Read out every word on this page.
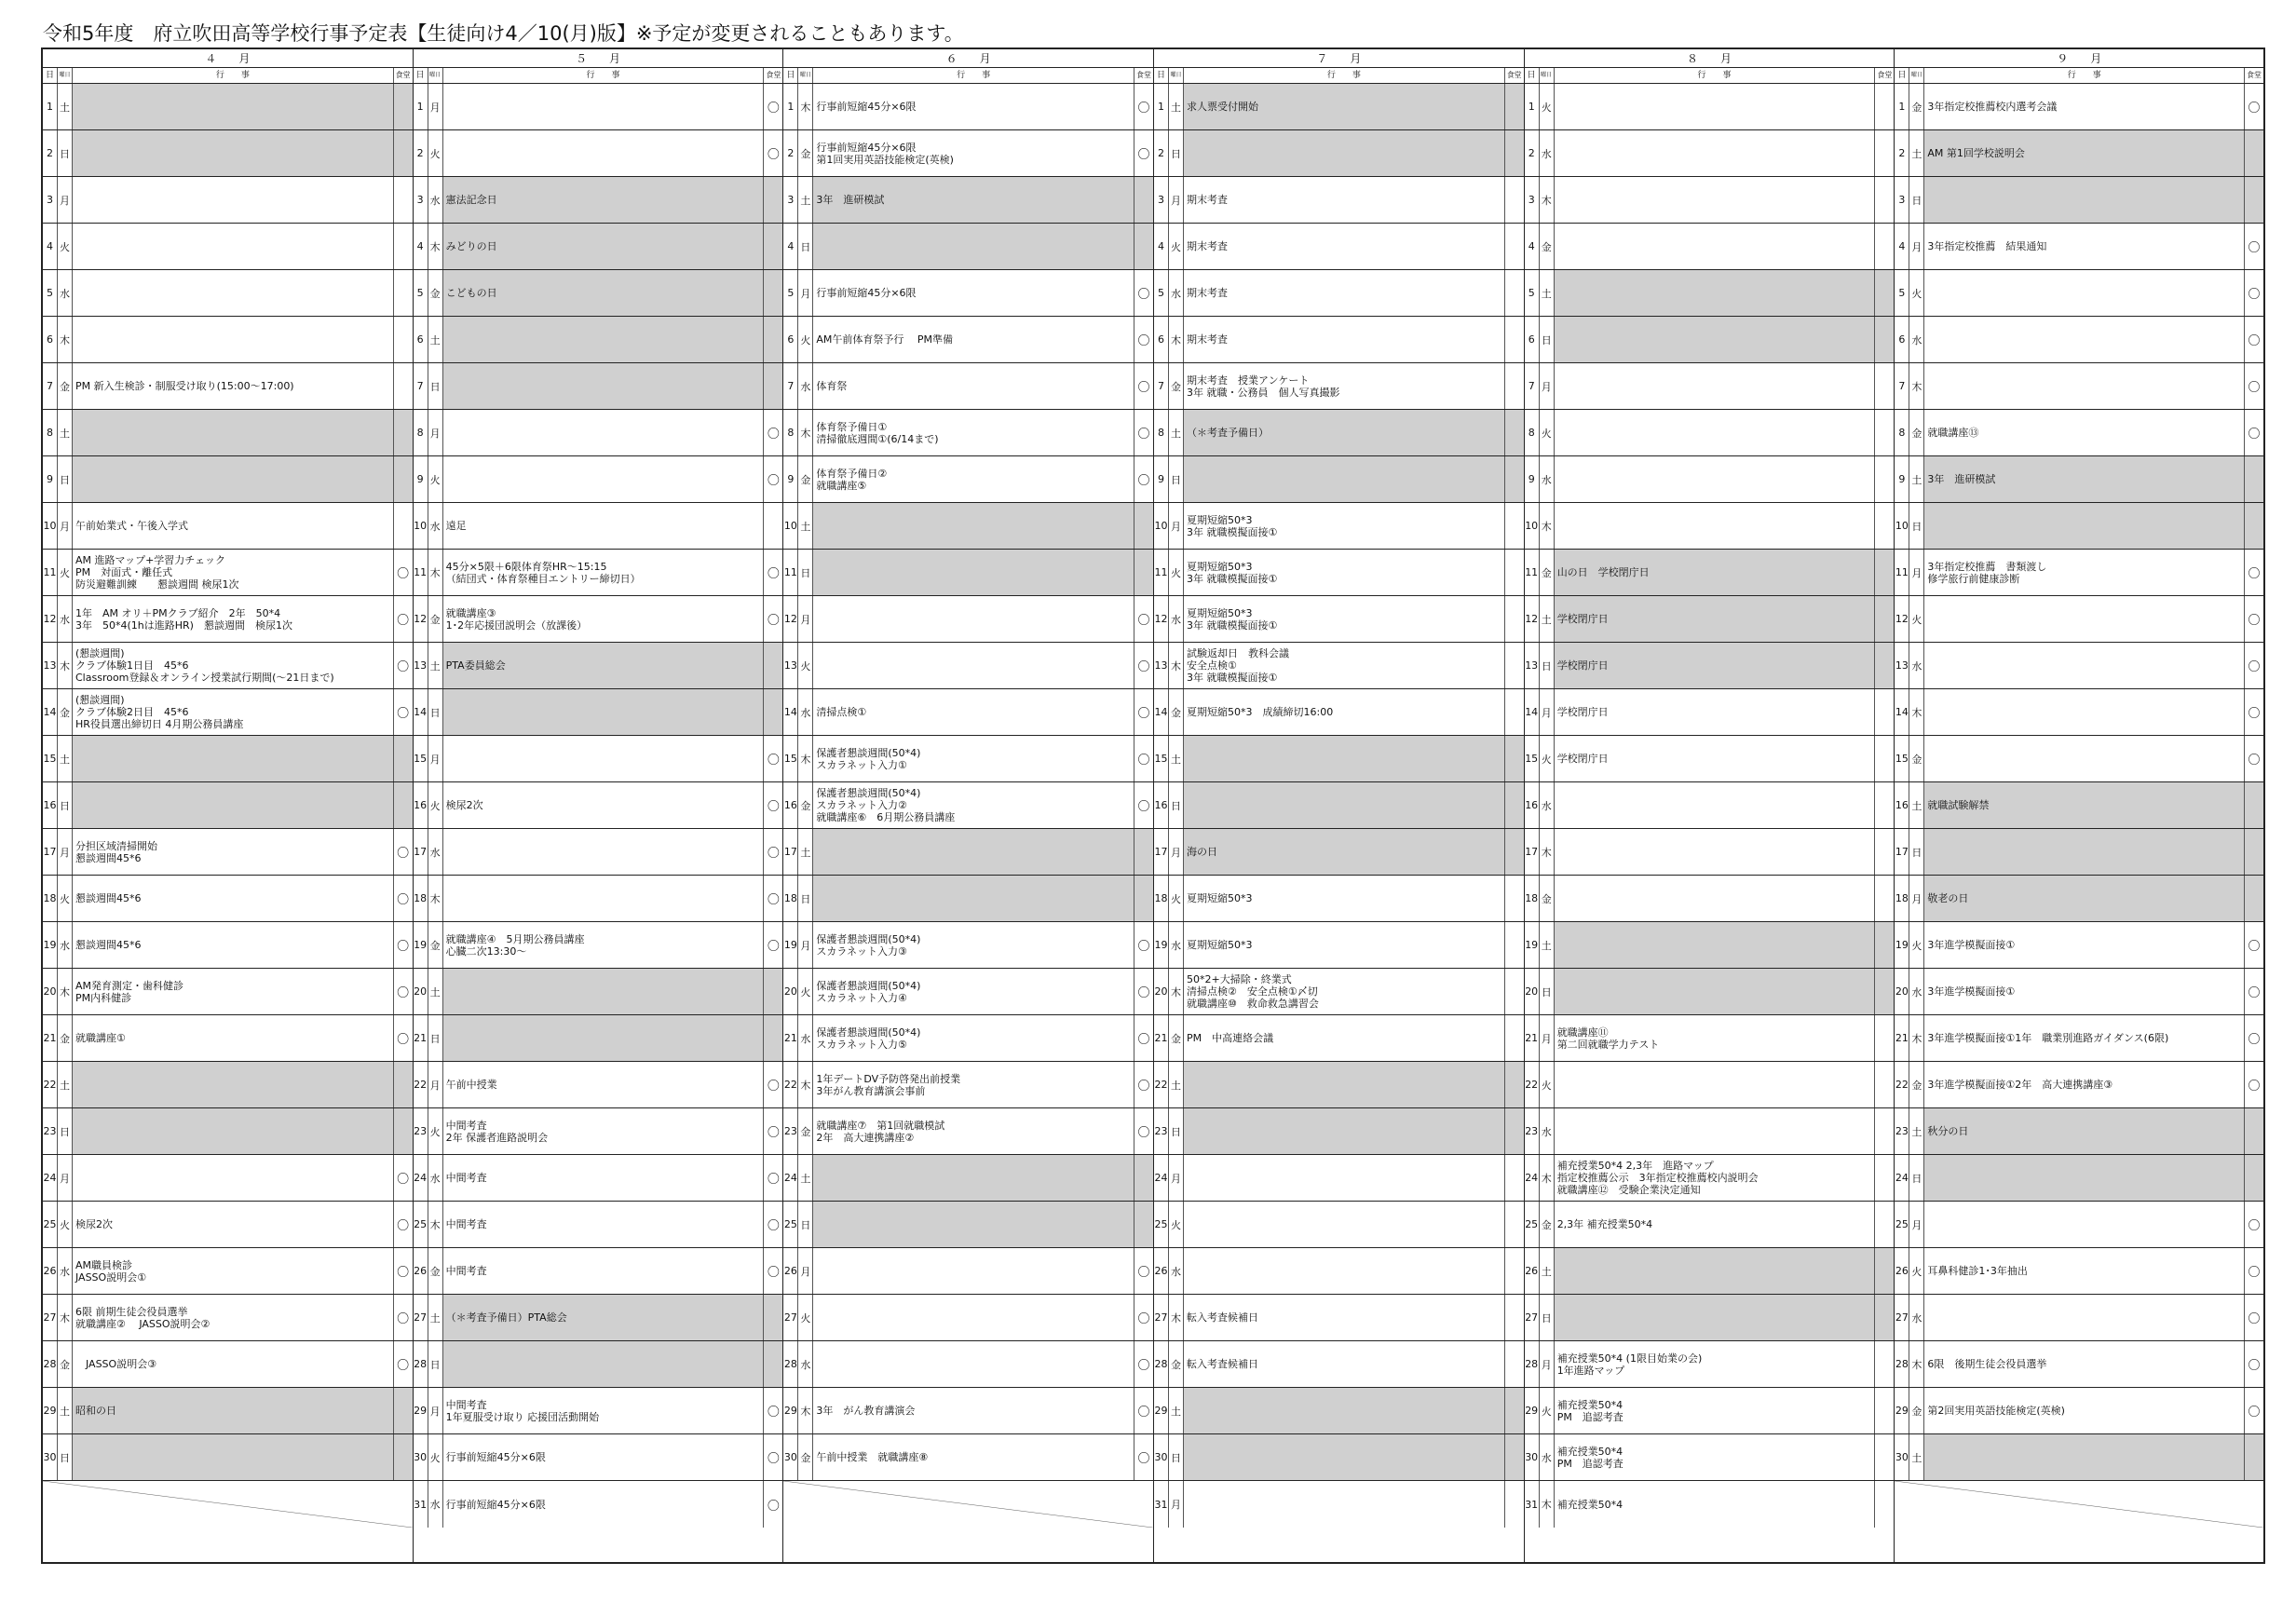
令和5年度　府立吹田高等学校行事予定表【生徒向け4／10(月)版】※予定が変更されることもあります。
４　　月
日 曜日	行　　事	食堂
1 土
2 日
3 月
4 火
5 水
6 木
7 金 PM 新入生検診・制服受け取り(15:00～17:00)
8 土
9 日
10 月 午前始業式・午後入学式
11 火
AM 進路マップ+学習力チェック
PM　対面式・離任式
防災避難訓練　　懇談週間 検尿1次
〇
12 水
1年　AM オリ＋PMクラブ紹介　2年　50*4
3年　50*4(1hは進路HR)　懇談週間　検尿1次	〇
13 木
(懇談週間)
クラブ体験1日目　45*6
Classroom登録＆オンライン授業試行期間(～21日まで)
〇
14 金
(懇談週間)
クラブ体験2日目　45*6
HR役員選出締切日 4月期公務員講座
〇
15 土
16 日
17 月
分担区域清掃開始
懇談週間45*6	〇
18 火 懇談週間45*6	〇
19 水 懇談週間45*6	〇
20 木
AM発育測定・歯科健診
PM内科健診	〇
21 金 就職講座①	〇
22 土
23 日
24 月	〇
25 火 検尿2次	〇
26 水
AM職員検診
JASSO説明会①	〇
27 木
6限 前期生徒会役員選挙
就職講座②　 JASSO説明会②	〇
28 金 　JASSO説明会③	〇
29 土 昭和の日
30 日
５　　月
日 曜日	行　　事	食堂
1 月	〇
2 火	〇
3 水 憲法記念日
4 木 みどりの日
5 金 こどもの日
6 土
7 日
8 月	〇
9 火	〇
10 水 遠足
11 木
45分×5限＋6限体育祭HR～15:15
（結団式・体育祭種目エントリー締切日）	〇
12 金
就職講座③
1･2年応援団説明会（放課後）	〇
13 土 PTA委員総会
14 日
15 月	〇
16 火 検尿2次	〇
17 水	〇
18 木	〇
19 金
就職講座④　5月期公務員講座
心臓二次13:30～	〇
20 土
21 日
22 月 午前中授業	〇
23 火
中間考査
2年 保護者進路説明会	〇
24 水 中間考査	〇
25 木 中間考査	〇
26 金 中間考査	〇
27 土 （＊考査予備日）PTA総会
28 日
29 月
中間考査
1年夏服受け取り 応援団活動開始	〇
30 火 行事前短縮45分×6限	〇
31 水 行事前短縮45分×6限	〇
６　　月
日 曜日	行　　事	食堂
1 木 行事前短縮45分×6限	〇
2 金
行事前短縮45分×6限
第1回実用英語技能検定(英検)	〇
3 土 3年　進研模試
4 日
5 月 行事前短縮45分×6限	〇
6 火 AM午前体育祭予行　 PM準備	〇
7 水 体育祭	〇
8 木
体育祭予備日①
清掃徹底週間①(6/14まで)	〇
9 金
体育祭予備日②
就職講座⑤	〇
10 土
11 日
12 月	〇
13 火	〇
14 水 清掃点検①	〇
15 木
保護者懇談週間(50*4)
スカラネット入力①	〇
16 金
保護者懇談週間(50*4)
スカラネット入力②
就職講座⑥　6月期公務員講座
〇
17 土
18 日
19 月
保護者懇談週間(50*4)
スカラネット入力③	〇
20 火
保護者懇談週間(50*4)
スカラネット入力④	〇
21 水
保護者懇談週間(50*4)
スカラネット入力⑤	〇
22 木
1年デートDV予防啓発出前授業
3年がん教育講演会事前	〇
23 金
就職講座⑦　第1回就職模試
2年　高大連携講座②	〇
24 土
25 日
26 月	〇
27 火	〇
28 水	〇
29 木 3年　がん教育講演会	〇
30 金 午前中授業　就職講座⑧	〇
７　　月
日 曜日	行　　事	食堂
1 土 求人票受付開始
2 日
3 月 期末考査
4 火 期末考査
5 水 期末考査
6 木 期末考査
7 金
期末考査　授業アンケート
3年 就職・公務員　個人写真撮影
8 土 （＊考査予備日）
9 日
10 月
夏期短縮50*3
3年 就職模擬面接①
11 火
夏期短縮50*3
3年 就職模擬面接①
12 水
夏期短縮50*3
3年 就職模擬面接①
13 木
試験返却日　教科会議
安全点検①
3年 就職模擬面接①
14 金 夏期短縮50*3　成績締切16:00
15 土
16 日
17 月 海の日
18 火 夏期短縮50*3
19 水 夏期短縮50*3
20 木
50*2+大掃除・終業式
清掃点検②　安全点検①〆切
就職講座⑩　救命救急講習会
21 金 PM　中高連絡会議
22 土
23 日
24 月
25 火
26 水
27 木 転入考査候補日
28 金 転入考査候補日
29 土
30 日
31 月
８　　月
日 曜日	行　　事	食堂
1 火
2 水
3 木
4 金
5 土
6 日
7 月
8 火
9 水
10 木
11 金 山の日　学校閉庁日
12 土 学校閉庁日
13 日 学校閉庁日
14 月 学校閉庁日
15 火 学校閉庁日
16 水
17 木
18 金
19 土
20 日
21 月
就職講座⑪
第二回就職学力テスト
22 火
23 水
24 木
補充授業50*4 2,3年　進路マップ
指定校推薦公示　3年指定校推薦校内説明会
就職講座⑫　受験企業決定通知
25 金 2,3年 補充授業50*4
26 土
27 日
28 月
補充授業50*4 (1限目始業の会)
1年進路マップ
29 火
補充授業50*4
PM　追認考査
30 水
補充授業50*4
PM　追認考査
31 木 補充授業50*4
９　　月
日 曜日	行　　事	食堂
1 金 3年指定校推薦校内選考会議	〇
2 土 AM 第1回学校説明会
3 日
4 月 3年指定校推薦　結果通知	〇
5 火	〇
6 水	〇
7 木	〇
8 金 就職講座⑬	〇
9 土 3年　進研模試
10 日
11 月
3年指定校推薦　書類渡し
修学旅行前健康診断	〇
12 火	〇
13 水	〇
14 木	〇
15 金	〇
16 土 就職試験解禁
17 日
18 月 敬老の日
19 火 3年進学模擬面接①	〇
20 水 3年進学模擬面接①	〇
21 木 3年進学模擬面接①1年　職業別進路ガイダンス(6限)	〇
22 金 3年進学模擬面接①2年　高大連携講座③	〇
23 土 秋分の日
24 日
25 月	〇
26 火 耳鼻科健診1･3年抽出	〇
27 水	〇
28 木 6限　後期生徒会役員選挙	〇
29 金 第2回実用英語技能検定(英検)	〇
30 土
